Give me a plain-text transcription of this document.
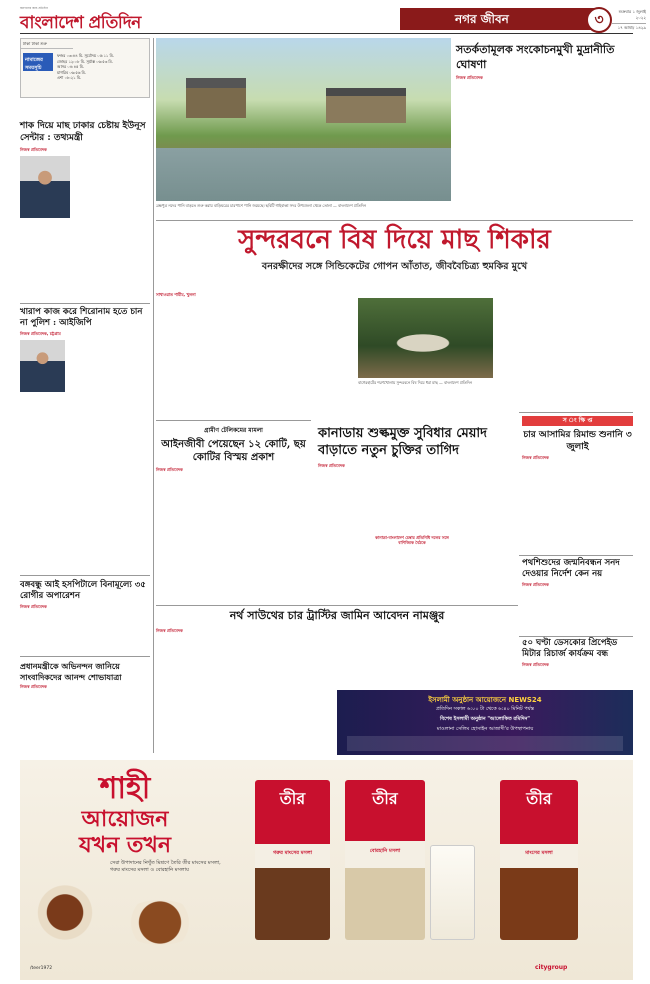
জনগণের জন্য প্রতিদিন
বাংলাদেশ প্রতিদিন	নগর জীবন	৩
শুক্রবার ১ জুলাই ২০২২
১৭ আষাঢ় ১৪২৯
ঢাকা ঢাকা শুরু
নামাজের সময়সূচি
ফজর ০৩:৪৪ মি. সূর্যোদয় ০৫:১১ মি.
জোহর ১২:০৮ মি. সূর্যাস্ত ০৬:৫৩ মি.
আসর ০৪:৪৫ মি.
মাগরিব ০৬:৫৬ মি.
এশা ০৮:২১ মি.
শাক দিয়ে মাছ ঢাকার চেষ্টায় ইউনূস সেন্টার : তথ্যমন্ত্রী
নিজস্ব প্রতিবেদক

খারাপ কাজ করে শিরোনাম হতে চান না পুলিশ : আইজিপি
নিজস্ব প্রতিবেদক, চট্টগ্রাম

বঙ্গবন্ধু আই হসপিটালে বিনামূল্যে ৩৫ রোগীর অপারেশন
নিজস্ব প্রতিবেদক

প্রধানমন্ত্রীকে অভিনন্দন জানিয়ে সাংবাদিকদের আনন্দ শোভাযাত্রা
নিজস্ব প্রতিবেদক

ব্রহ্মপুত্র নদের পানি বাড়তে শুরু করায় বাড়িঘরের চারপাশে পানি জমেছে। ছবিটি গাইবান্ধা সদর উপজেলা থেকে তোলা — বাংলাদেশ প্রতিদিন
সতর্কতামূলক সংকোচনমুখী মুদ্রানীতি ঘোষণা
নিজস্ব প্রতিবেদক

সুন্দরবনে বিষ দিয়ে মাছ শিকার
বনরক্ষীদের সঙ্গে সিন্ডিকেটের গোপন আঁতাত, জীববৈচিত্র্য হুমকির মুখে
সাখাওয়াত শামীম, খুলনা

বাগেরহাটের শরণখোলায় সুন্দরবনে বিষ দিয়ে ধরা মাছ — বাংলাদেশ প্রতিদিন

গ্রামীণ টেলিকমের মামলা
আইনজীবী পেয়েছেন ১২ কোটি, ছয় কোটির বিস্ময় প্রকাশ
নিজস্ব প্রতিবেদক

কানাডায় শুল্কমুক্ত সুবিধার মেয়াদ বাড়াতে নতুন চুক্তির তাগিদ
নিজস্ব প্রতিবেদক

কানাডা-বাংলাদেশ চেম্বার প্রতিনিধি দলের সঙ্গে বাণিজ্যিক বৈঠকে
স ং ক্ষি প্ত
চার আসামির রিমান্ড শুনানি ৩ জুলাই
নিজস্ব প্রতিবেদক

পথশিশুদের জন্মনিবন্ধন সনদ দেওয়ার নির্দেশ কেন নয়
নিজস্ব প্রতিবেদক

৫০ ঘণ্টা ডেসকোর প্রিপেইড মিটার রিচার্জ কার্যক্রম বন্ধ
নিজস্ব প্রতিবেদক

নর্থ সাউথের চার ট্রাস্টির জামিন আবেদন নামঞ্জুর
নিজস্ব প্রতিবেদক

ইসলামী অনুষ্ঠান আয়োজনে NEWS24
প্রতিদিন সকাল ৬:০০ টা থেকে ৬:৪০ মিনিট পর্যন্ত
বিশেষ ইসলামী অনুষ্ঠান "আলোকিত রমিদিন"
মাওলানা সেলিম হোসাইন আজাদী'র উপস্থাপনায়
শাহী
আয়োজন
যখন তখন
সেরা উপাদানের নিখুঁত মিশ্রণে তৈরি তীর মাংসের মসলা, গরুর মাংসের মসলা ও বোরহানি মসলায়
/teer1972
তীর
গরুর মাংসের মসলা
তীর
বোরহানি মসলা
তীর
মাংসের মসলা
citygroup
